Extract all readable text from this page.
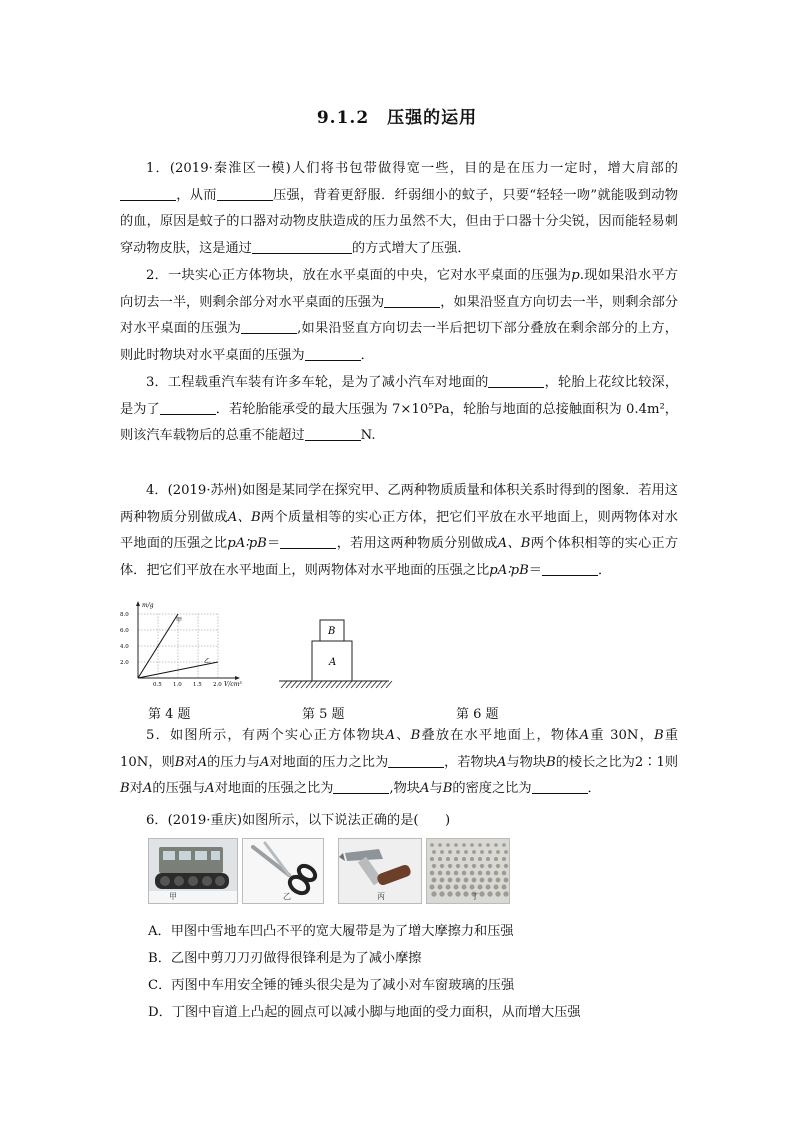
9.1.2　压强的运用
1．(2019·秦淮区一模)人们将书包带做得宽一些，目的是在压力一定时，增大肩部的，从而	压强，背着更舒服．纤弱细小的蚊子，只要“轻轻一吻”就能吸到动物的血，原因是蚊子的口器对动物皮肤造成的压力虽然不大，但由于口器十分尖锐，因而能轻易刺穿动物皮肤，这是通过	的方式增大了压强．
2．一块实心正方体物块，放在水平桌面的中央，它对水平桌面的压强为p.现如果沿水平方向切去一半，则剩余部分对水平桌面的压强为	，如果沿竖直方向切去一半，则剩余部分对水平桌面的压强为	,如果沿竖直方向切去一半后把切下部分叠放在剩余部分的上方，则此时物块对水平桌面的压强为	．
3．工程载重汽车装有许多车轮，是为了减小汽车对地面的	，轮胎上花纹比较深，是为了	．若轮胎能承受的最大压强为 7×10⁵Pa，轮胎与地面的总接触面积为 0.4m²，则该汽车载物后的总重不能超过	N.
4．(2019·苏州)如图是某同学在探究甲、乙两种物质质量和体积关系时得到的图象．若用这两种物质分别做成A、B两个质量相等的实心正方体，把它们平放在水平地面上，则两物体对水平地面的压强之比pA∶pB＝	，若用这两种物质分别做成A、B两个体积相等的实心正方体．把它们平放在水平地面上，则两物体对水平地面的压强之比pA∶pB＝	．
0.5 1.0 1.5 2.0
2.0
4.0
6.0
8.0
甲
乙
m/g
V/cm³
B
A
第 4 题	第 5 题	第 6 题
5．如图所示，有两个实心正方体物块A、B叠放在水平地面上，物体A重 30N，B重 10N，则B对A的压力与A对地面的压力之比为	，若物块A与物块B的棱长之比为2∶1则B对A的压强与A对地面的压强之比为	,物块A与B的密度之比为	．
6．(2019·重庆)如图所示，以下说法正确的是(　　)
甲	乙	丙	丁
A．甲图中雪地车凹凸不平的宽大履带是为了增大摩擦力和压强
B．乙图中剪刀刀刃做得很锋利是为了减小摩擦
C．丙图中车用安全锤的锤头很尖是为了减小对车窗玻璃的压强
D．丁图中盲道上凸起的圆点可以减小脚与地面的受力面积，从而增大压强
